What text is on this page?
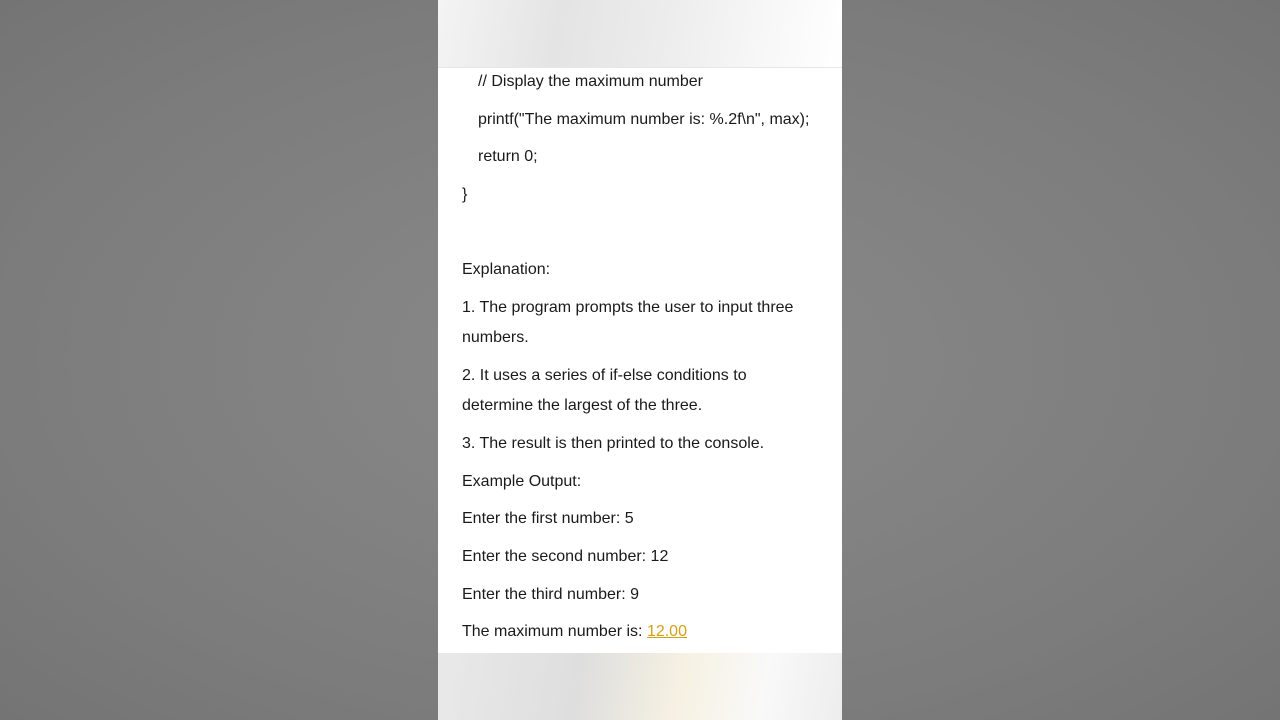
// Display the maximum number
printf("The maximum number is: %.2f\n", max);
return 0;
}
Explanation:
1. The program prompts the user to input three
numbers.
2. It uses a series of if-else conditions to
determine the largest of the three.
3. The result is then printed to the console.
Example Output:
Enter the first number: 5
Enter the second number: 12
Enter the third number: 9
The maximum number is: 12.00
